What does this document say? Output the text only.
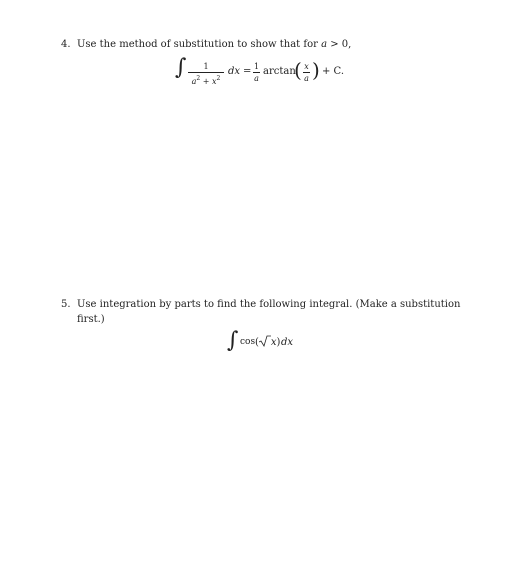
4. Use the method of substitution to show that for a > 0,
∫	1
$a^2 + x^2$
dx = 1
a
arctan
( x
a ) + C.
5. Use integration by parts to find the following integral. (Make a substitution
first.)
∫ cos ( x) dx
